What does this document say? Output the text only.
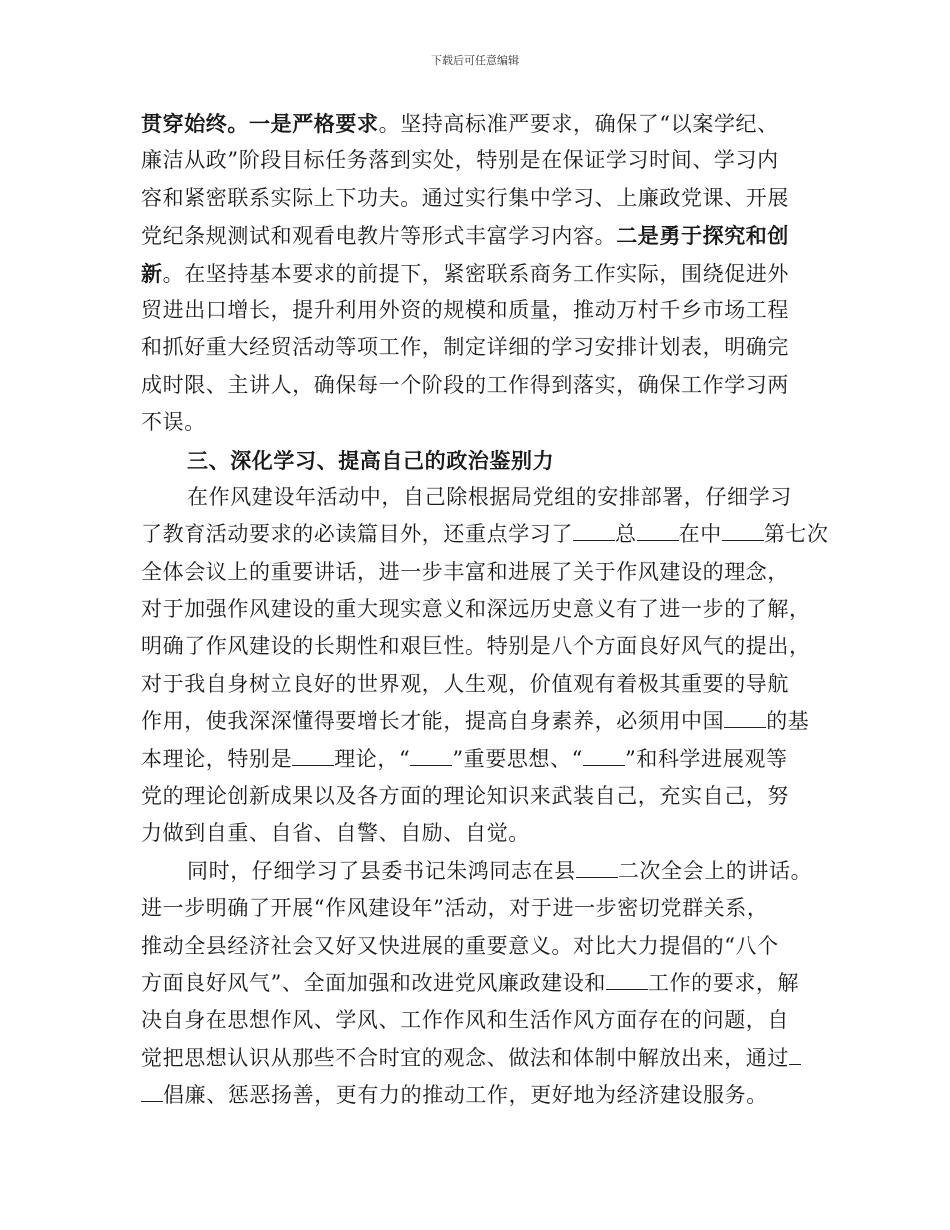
下载后可任意编辑
贯穿始终。一是严格要求。坚持高标准严要求，确保了“以案学纪、
廉洁从政”阶段目标任务落到实处，特别是在保证学习时间、学习内
容和紧密联系实际上下功夫。通过实行集中学习、上廉政党课、开展
党纪条规测试和观看电教片等形式丰富学习内容。二是勇于探究和创
新。在坚持基本要求的前提下，紧密联系商务工作实际，围绕促进外
贸进出口增长，提升利用外资的规模和质量，推动万村千乡市场工程
和抓好重大经贸活动等项工作，制定详细的学习安排计划表，明确完
成时限、主讲人，确保每一个阶段的工作得到落实，确保工作学习两
不误。
三、深化学习、提高自己的政治鉴别力
在作风建设年活动中，自己除根据局党组的安排部署，仔细学习
了教育活动要求的必读篇目外，还重点学习了 总 在中 第七次
全体会议上的重要讲话，进一步丰富和进展了关于作风建设的理念，
对于加强作风建设的重大现实意义和深远历史意义有了进一步的了解，
明确了作风建设的长期性和艰巨性。特别是八个方面良好风气的提出，
对于我自身树立良好的世界观，人生观，价值观有着极其重要的导航
作用，使我深深懂得要增长才能，提高自身素养，必须用中国 的基
本理论，特别是 理论，“ ”重要思想、“ ”和科学进展观等
党的理论创新成果以及各方面的理论知识来武装自己，充实自己，努
力做到自重、自省、自警、自励、自觉。
同时，仔细学习了县委书记朱鸿同志在县 二次全会上的讲话。
进一步明确了开展“作风建设年”活动，对于进一步密切党群关系，
推动全县经济社会又好又快进展的重要意义。对比大力提倡的“八个
方面良好风气”、全面加强和改进党风廉政建设和 工作的要求，解
决自身在思想作风、学风、工作作风和生活作风方面存在的问题，自
觉把思想认识从那些不合时宜的观念、做法和体制中解放出来，通过
倡廉、惩恶扬善，更有力的推动工作，更好地为经济建设服务。
